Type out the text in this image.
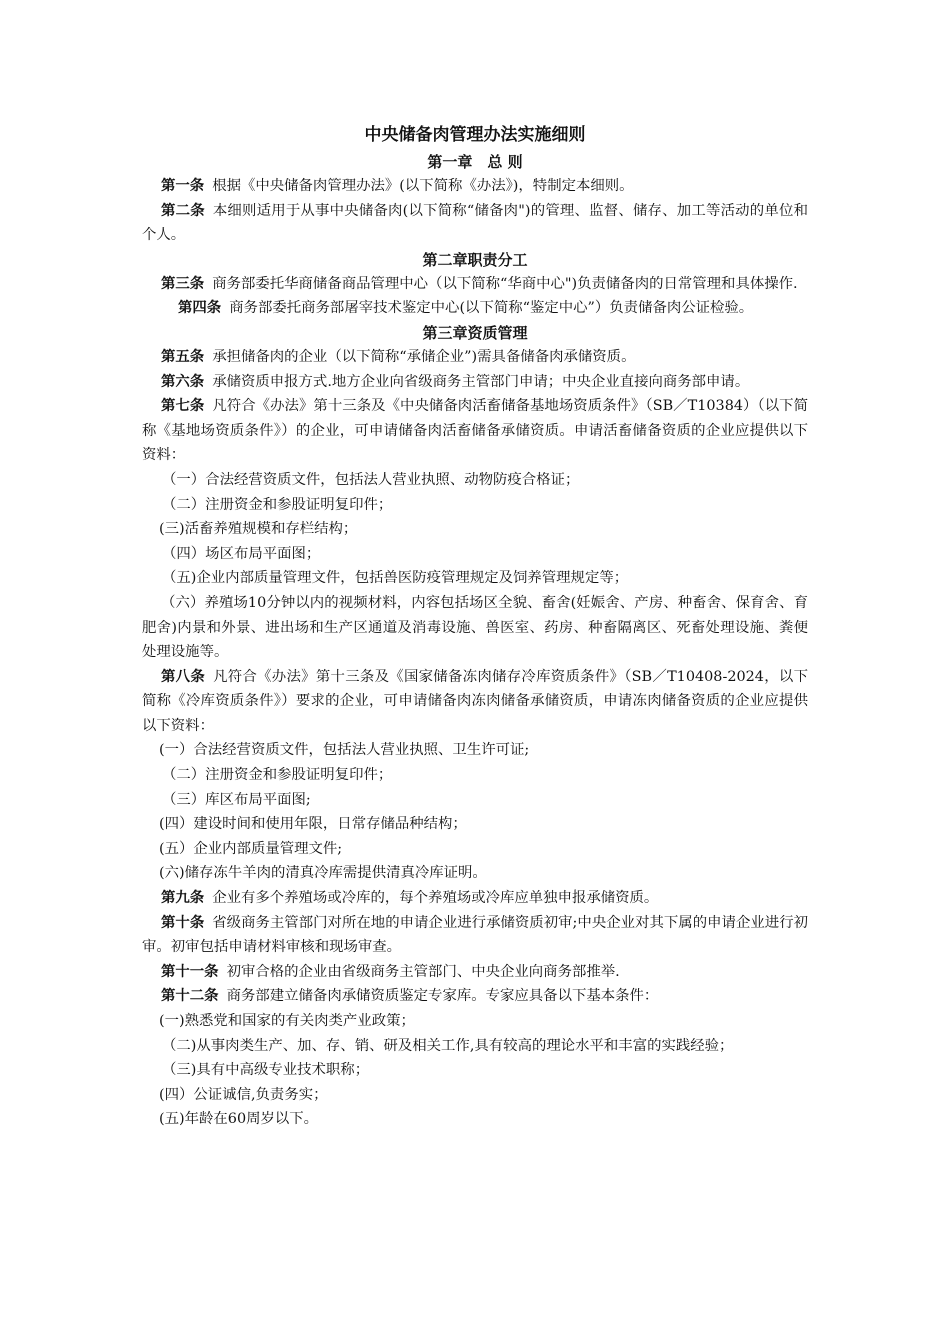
中央储备肉管理办法实施细则
第一章　总 则

第一条 根据《中央储备肉管理办法》(以下简称《办法》)，特制定本细则。

第二条 本细则适用于从事中央储备肉(以下简称“储备肉")的管理、监督、储存、加工等活动的单位和个人。

第二章职责分工

第三条 商务部委托华商储备商品管理中心（以下简称“华商中心")负责储备肉的日常管理和具体操作.

第四条 商务部委托商务部屠宰技术鉴定中心(以下简称“鉴定中心”）负责储备肉公证检验。

第三章资质管理

第五条 承担储备肉的企业（以下简称“承储企业”)需具备储备肉承储资质。

第六条 承储资质申报方式.地方企业向省级商务主管部门申请；中央企业直接向商务部申请。

第七条 凡符合《办法》第十三条及《中央储备肉活畜储备基地场资质条件》（SB／T10384）（以下简称《基地场资质条件》）的企业，可申请储备肉活畜储备承储资质。申请活畜储备资质的企业应提供以下资料：

（一）合法经营资质文件，包括法人营业执照、动物防疫合格证；

（二）注册资金和参股证明复印件；

(三)活畜养殖规模和存栏结构；

（四）场区布局平面图；

（五)企业内部质量管理文件，包括兽医防疫管理规定及饲养管理规定等；

（六）养殖场10分钟以内的视频材料，内容包括场区全貌、畜舍(妊娠舍、产房、种畜舍、保育舍、育肥舍)内景和外景、进出场和生产区通道及消毒设施、兽医室、药房、种畜隔离区、死畜处理设施、粪便处理设施等。

第八条 凡符合《办法》第十三条及《国家储备冻肉储存冷库资质条件》（SB／T10408-2024，以下简称《冷库资质条件》）要求的企业，可申请储备肉冻肉储备承储资质，申请冻肉储备资质的企业应提供以下资料：

(一）合法经营资质文件，包括法人营业执照、卫生许可证;

（二）注册资金和参股证明复印件；

（三）库区布局平面图;

(四）建设时间和使用年限，日常存储品种结构；

(五）企业内部质量管理文件;

(六)储存冻牛羊肉的清真冷库需提供清真冷库证明。

第九条 企业有多个养殖场或冷库的，每个养殖场或冷库应单独申报承储资质。

第十条 省级商务主管部门对所在地的申请企业进行承储资质初审;中央企业对其下属的申请企业进行初审。初审包括申请材料审核和现场审查。

第十一条 初审合格的企业由省级商务主管部门、中央企业向商务部推举.

第十二条 商务部建立储备肉承储资质鉴定专家库。专家应具备以下基本条件：

(一)熟悉党和国家的有关肉类产业政策；

（二)从事肉类生产、加、存、销、研及相关工作,具有较高的理论水平和丰富的实践经验；

（三)具有中高级专业技术职称；

(四）公证诚信,负责务实；

(五)年龄在60周岁以下。
